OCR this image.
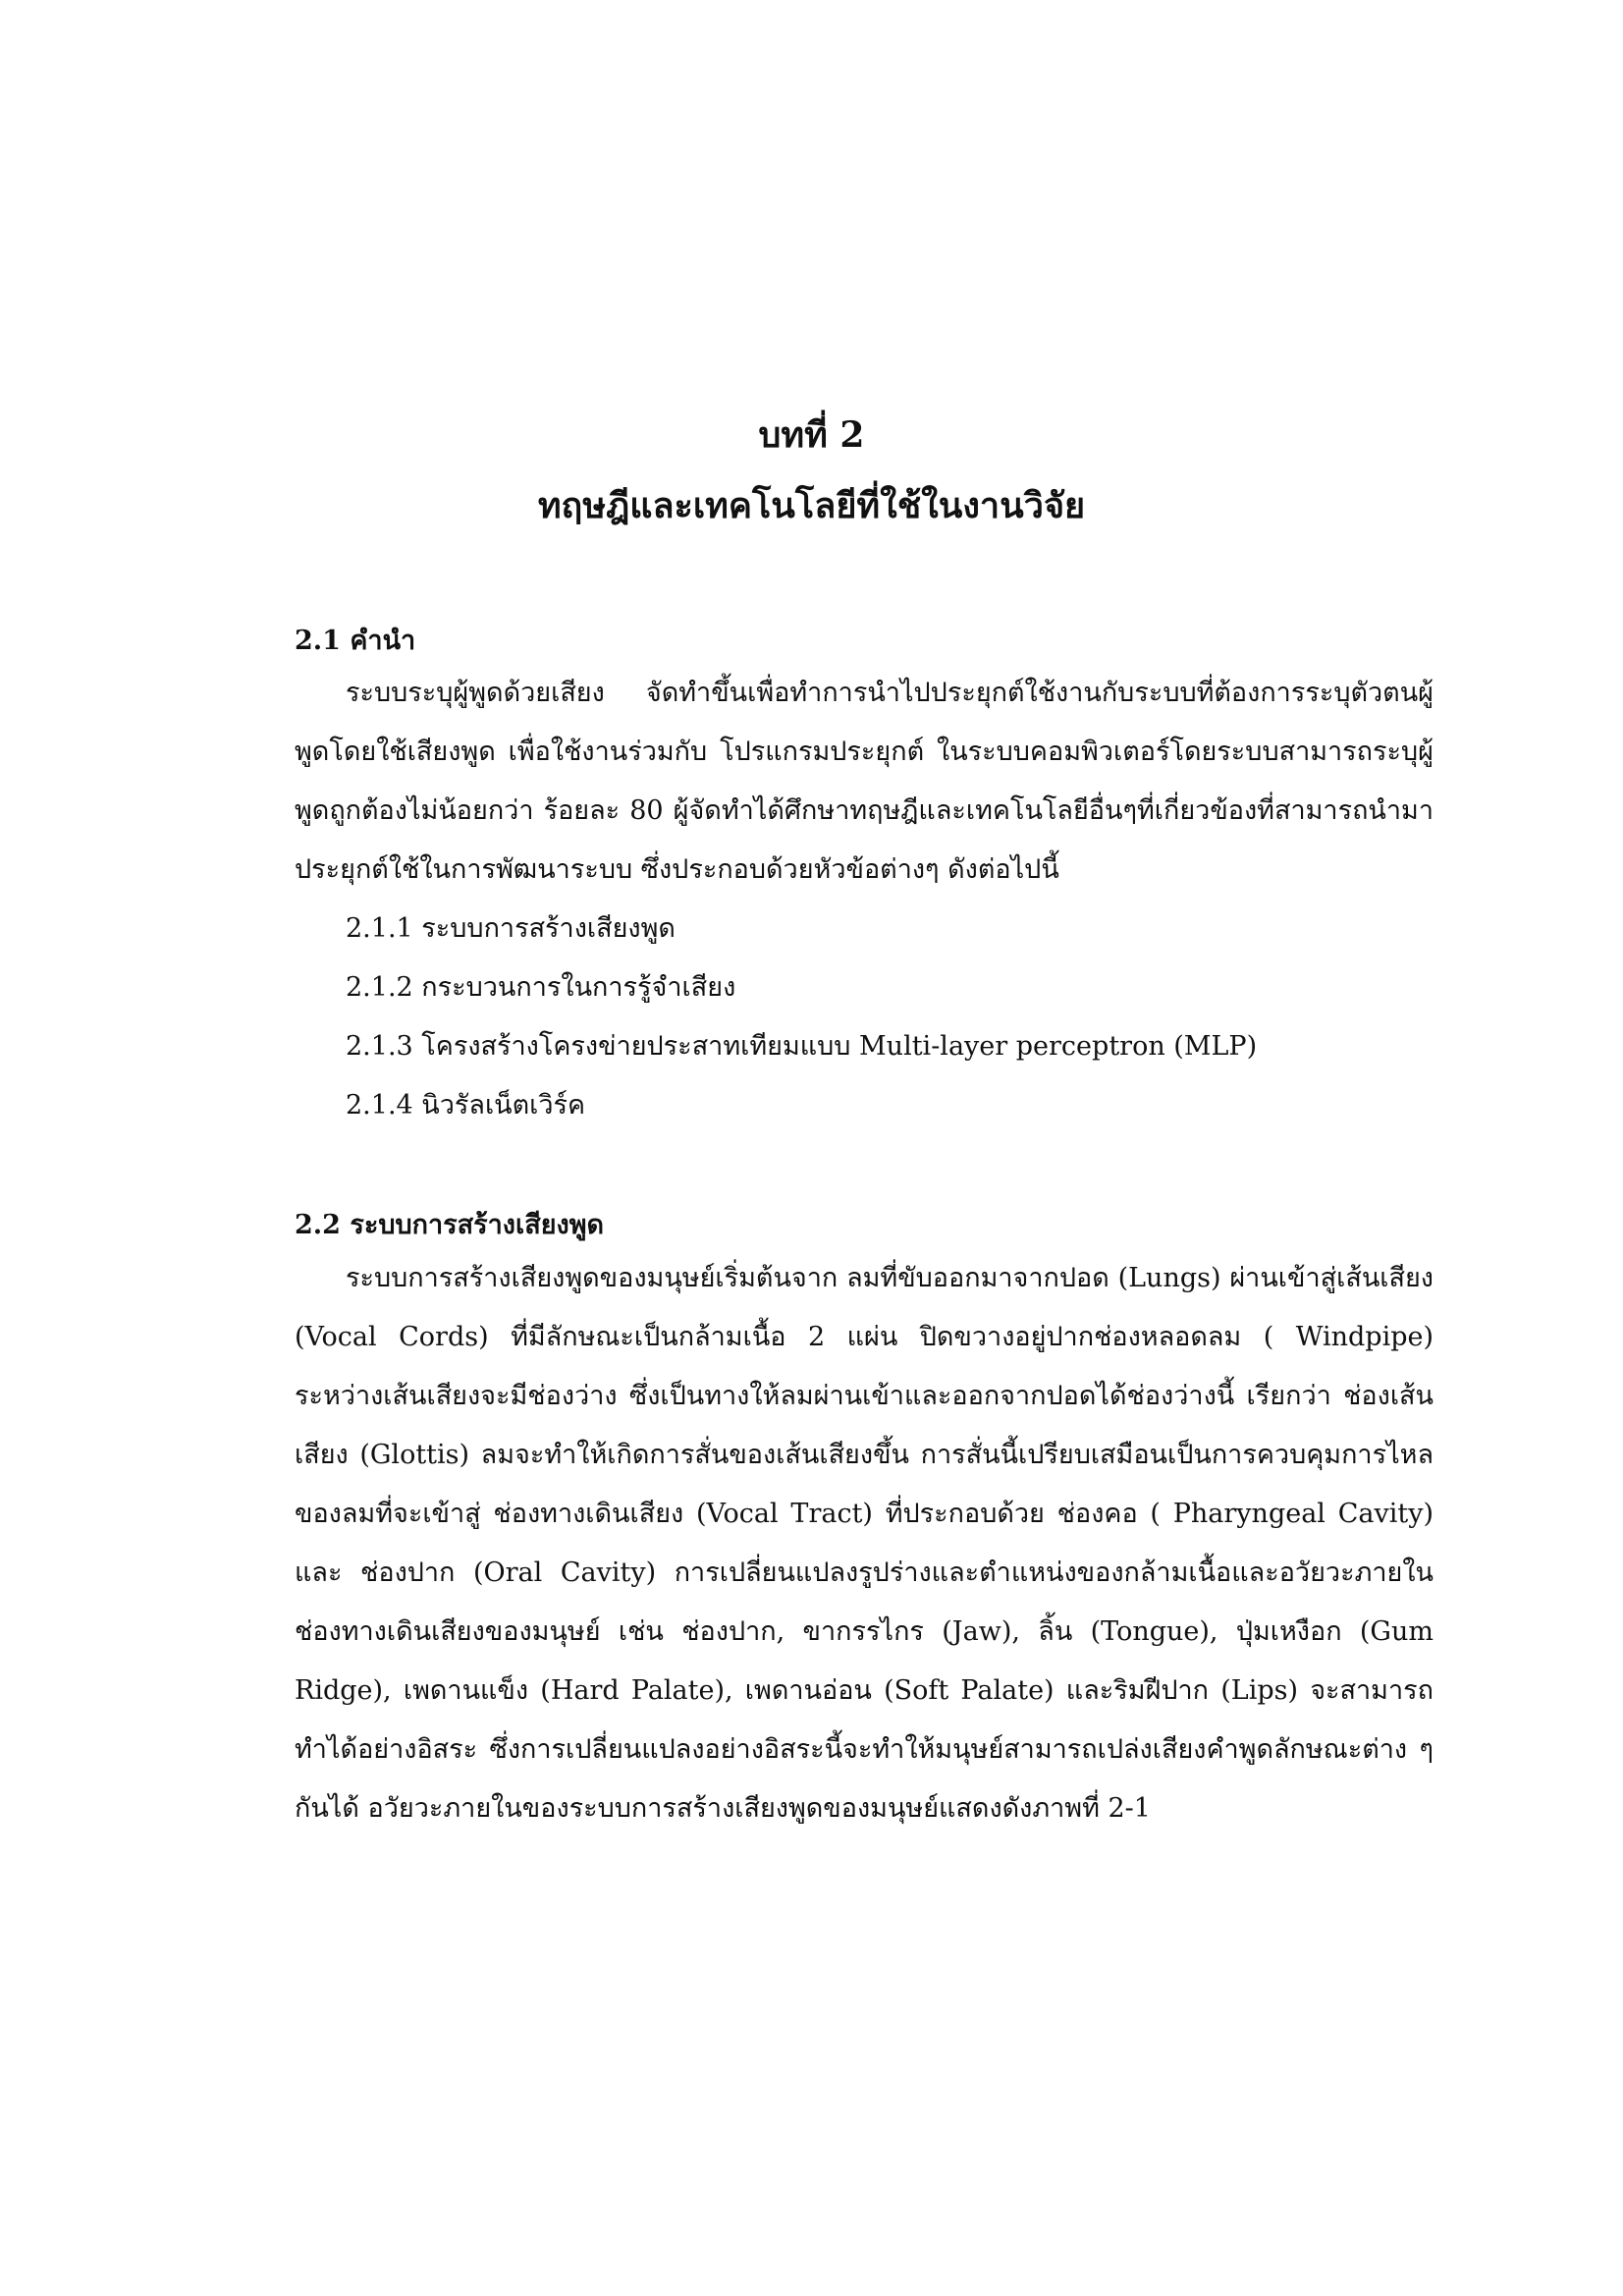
บทที่ 2
ทฤษฎีและเทคโนโลยีที่ใช้ในงานวิจัย
2.1 คำนำ

ระบบระบุผู้พูดด้วยเสียง จัดทำขึ้นเพื่อทำการนำไปประยุกต์ใช้งานกับระบบที่ต้องการระบุตัวตนผู้พูดโดยใช้เสียงพูด เพื่อใช้งานร่วมกับ โปรแกรมประยุกต์ ในระบบคอมพิวเตอร์โดยระบบสามารถระบุผู้พูดถูกต้องไม่น้อยกว่า ร้อยละ 80 ผู้จัดทำได้ศึกษาทฤษฎีและเทคโนโลยีอื่นๆที่เกี่ยวข้องที่สามารถนำมาประยุกต์ใช้ในการพัฒนาระบบ ซึ่งประกอบด้วยหัวข้อต่างๆ ดังต่อไปนี้

2.1.1 ระบบการสร้างเสียงพูด
2.1.2 กระบวนการในการรู้จำเสียง
2.1.3 โครงสร้างโครงข่ายประสาทเทียมแบบ Multi-layer perceptron (MLP)
2.1.4 นิวรัลเน็ตเวิร์ค
2.2 ระบบการสร้างเสียงพูด

ระบบการสร้างเสียงพูดของมนุษย์เริ่มต้นจาก ลมที่ขับออกมาจากปอด (Lungs) ผ่านเข้าสู่เส้นเสียง (Vocal Cords) ที่มีลักษณะเป็นกล้ามเนื้อ 2 แผ่น ปิดขวางอยู่ปากช่องหลอดลม ( Windpipe) ระหว่างเส้นเสียงจะมีช่องว่าง ซึ่งเป็นทางให้ลมผ่านเข้าและออกจากปอดได้ช่องว่างนี้ เรียกว่า ช่องเส้นเสียง (Glottis) ลมจะทำให้เกิดการสั่นของเส้นเสียงขึ้น การสั่นนี้เปรียบเสมือนเป็นการควบคุมการไหลของลมที่จะเข้าสู่ ช่องทางเดินเสียง (Vocal Tract) ที่ประกอบด้วย ช่องคอ ( Pharyngeal Cavity) และ ช่องปาก (Oral Cavity) การเปลี่ยนแปลงรูปร่างและตำแหน่งของกล้ามเนื้อและอวัยวะภายในช่องทางเดินเสียงของมนุษย์ เช่น ช่องปาก, ขากรรไกร (Jaw), ลิ้น (Tongue), ปุ่มเหงือก (Gum Ridge), เพดานแข็ง (Hard Palate), เพดานอ่อน (Soft Palate) และริมฝีปาก (Lips) จะสามารถทำได้อย่างอิสระ ซึ่งการเปลี่ยนแปลงอย่างอิสระนี้จะทำให้มนุษย์สามารถเปล่งเสียงคำพูดลักษณะต่าง ๆ กันได้ อวัยวะภายในของระบบการสร้างเสียงพูดของมนุษย์แสดงดังภาพที่ 2-1
